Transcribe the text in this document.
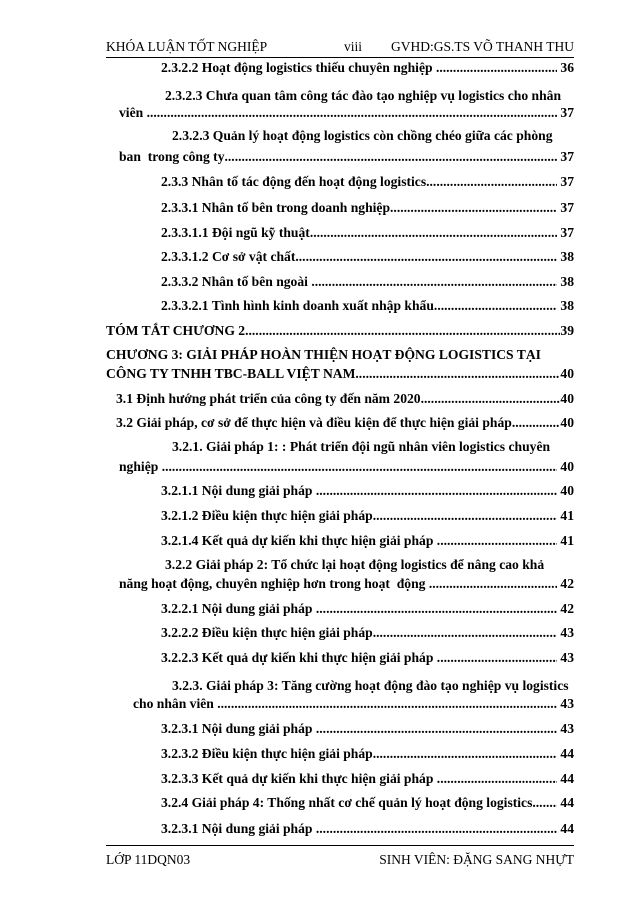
KHÓA LUẬN TỐT NGHIỆP	viii GVHD:GS.TS VÕ THANH THU
2.3.2.2 Hoạt động logistics thiếu chuyên nghiệp .....	36
2.3.2.3 Chưa quan tâm công tác đào tạo nghiệp vụ logistics cho nhân
viên .....	37
2.3.2.3 Quản lý hoạt động logistics còn chồng chéo giữa các phòng
ban  trong công ty .....	37
2.3.3 Nhân tố tác động đến hoạt động logistics .....	37
2.3.3.1 Nhân tố bên trong doanh nghiệp .....	37
2.3.3.1.1 Đội ngũ kỹ thuật .....	37
2.3.3.1.2 Cơ sở vật chất .....	38
2.3.3.2 Nhân tố bên ngoài .....	38
2.3.3.2.1 Tình hình kinh doanh xuất nhập khẩu .....	38
TÓM TẮT CHƯƠNG 2 .....	39
CHƯƠNG 3: GIẢI PHÁP HOÀN THIỆN HOẠT ĐỘNG LOGISTICS TẠI
CÔNG TY TNHH TBC-BALL VIỆT NAM .....	40
3.1 Định hướng phát triển của công ty đến năm 2020 .....	40
3.2 Giải pháp, cơ sở để thực hiện và điều kiện để thực hiện giải pháp .....	40
3.2.1. Giải pháp 1: : Phát triển đội ngũ nhân viên logistics chuyên
nghiệp .....	40
3.2.1.1 Nội dung giải pháp .....	40
3.2.1.2 Điều kiện thực hiện giải pháp .....	41
3.2.1.4 Kết quả dự kiến khi thực hiện giải pháp .....	41
3.2.2 Giải pháp 2: Tổ chức lại hoạt động logistics để nâng cao khả
năng hoạt động, chuyên nghiệp hơn trong hoạt  động .....	42
3.2.2.1 Nội dung giải pháp .....	42
3.2.2.2 Điều kiện thực hiện giải pháp .....	43
3.2.2.3 Kết quả dự kiến khi thực hiện giải pháp .....	43
3.2.3. Giải pháp 3: Tăng cường hoạt động đào tạo nghiệp vụ logistics
cho nhân viên .....	43
3.2.3.1 Nội dung giải pháp .....	43
3.2.3.2 Điều kiện thực hiện giải pháp .....	44
3.2.3.3 Kết quả dự kiến khi thực hiện giải pháp .....	44
3.2.4 Giải pháp 4: Thống nhất cơ chế quản lý hoạt động logistics ..... 44
3.2.3.1 Nội dung giải pháp .....	44
LỚP 11DQN03	SINH VIÊN: ĐẶNG SANG NHỰT
